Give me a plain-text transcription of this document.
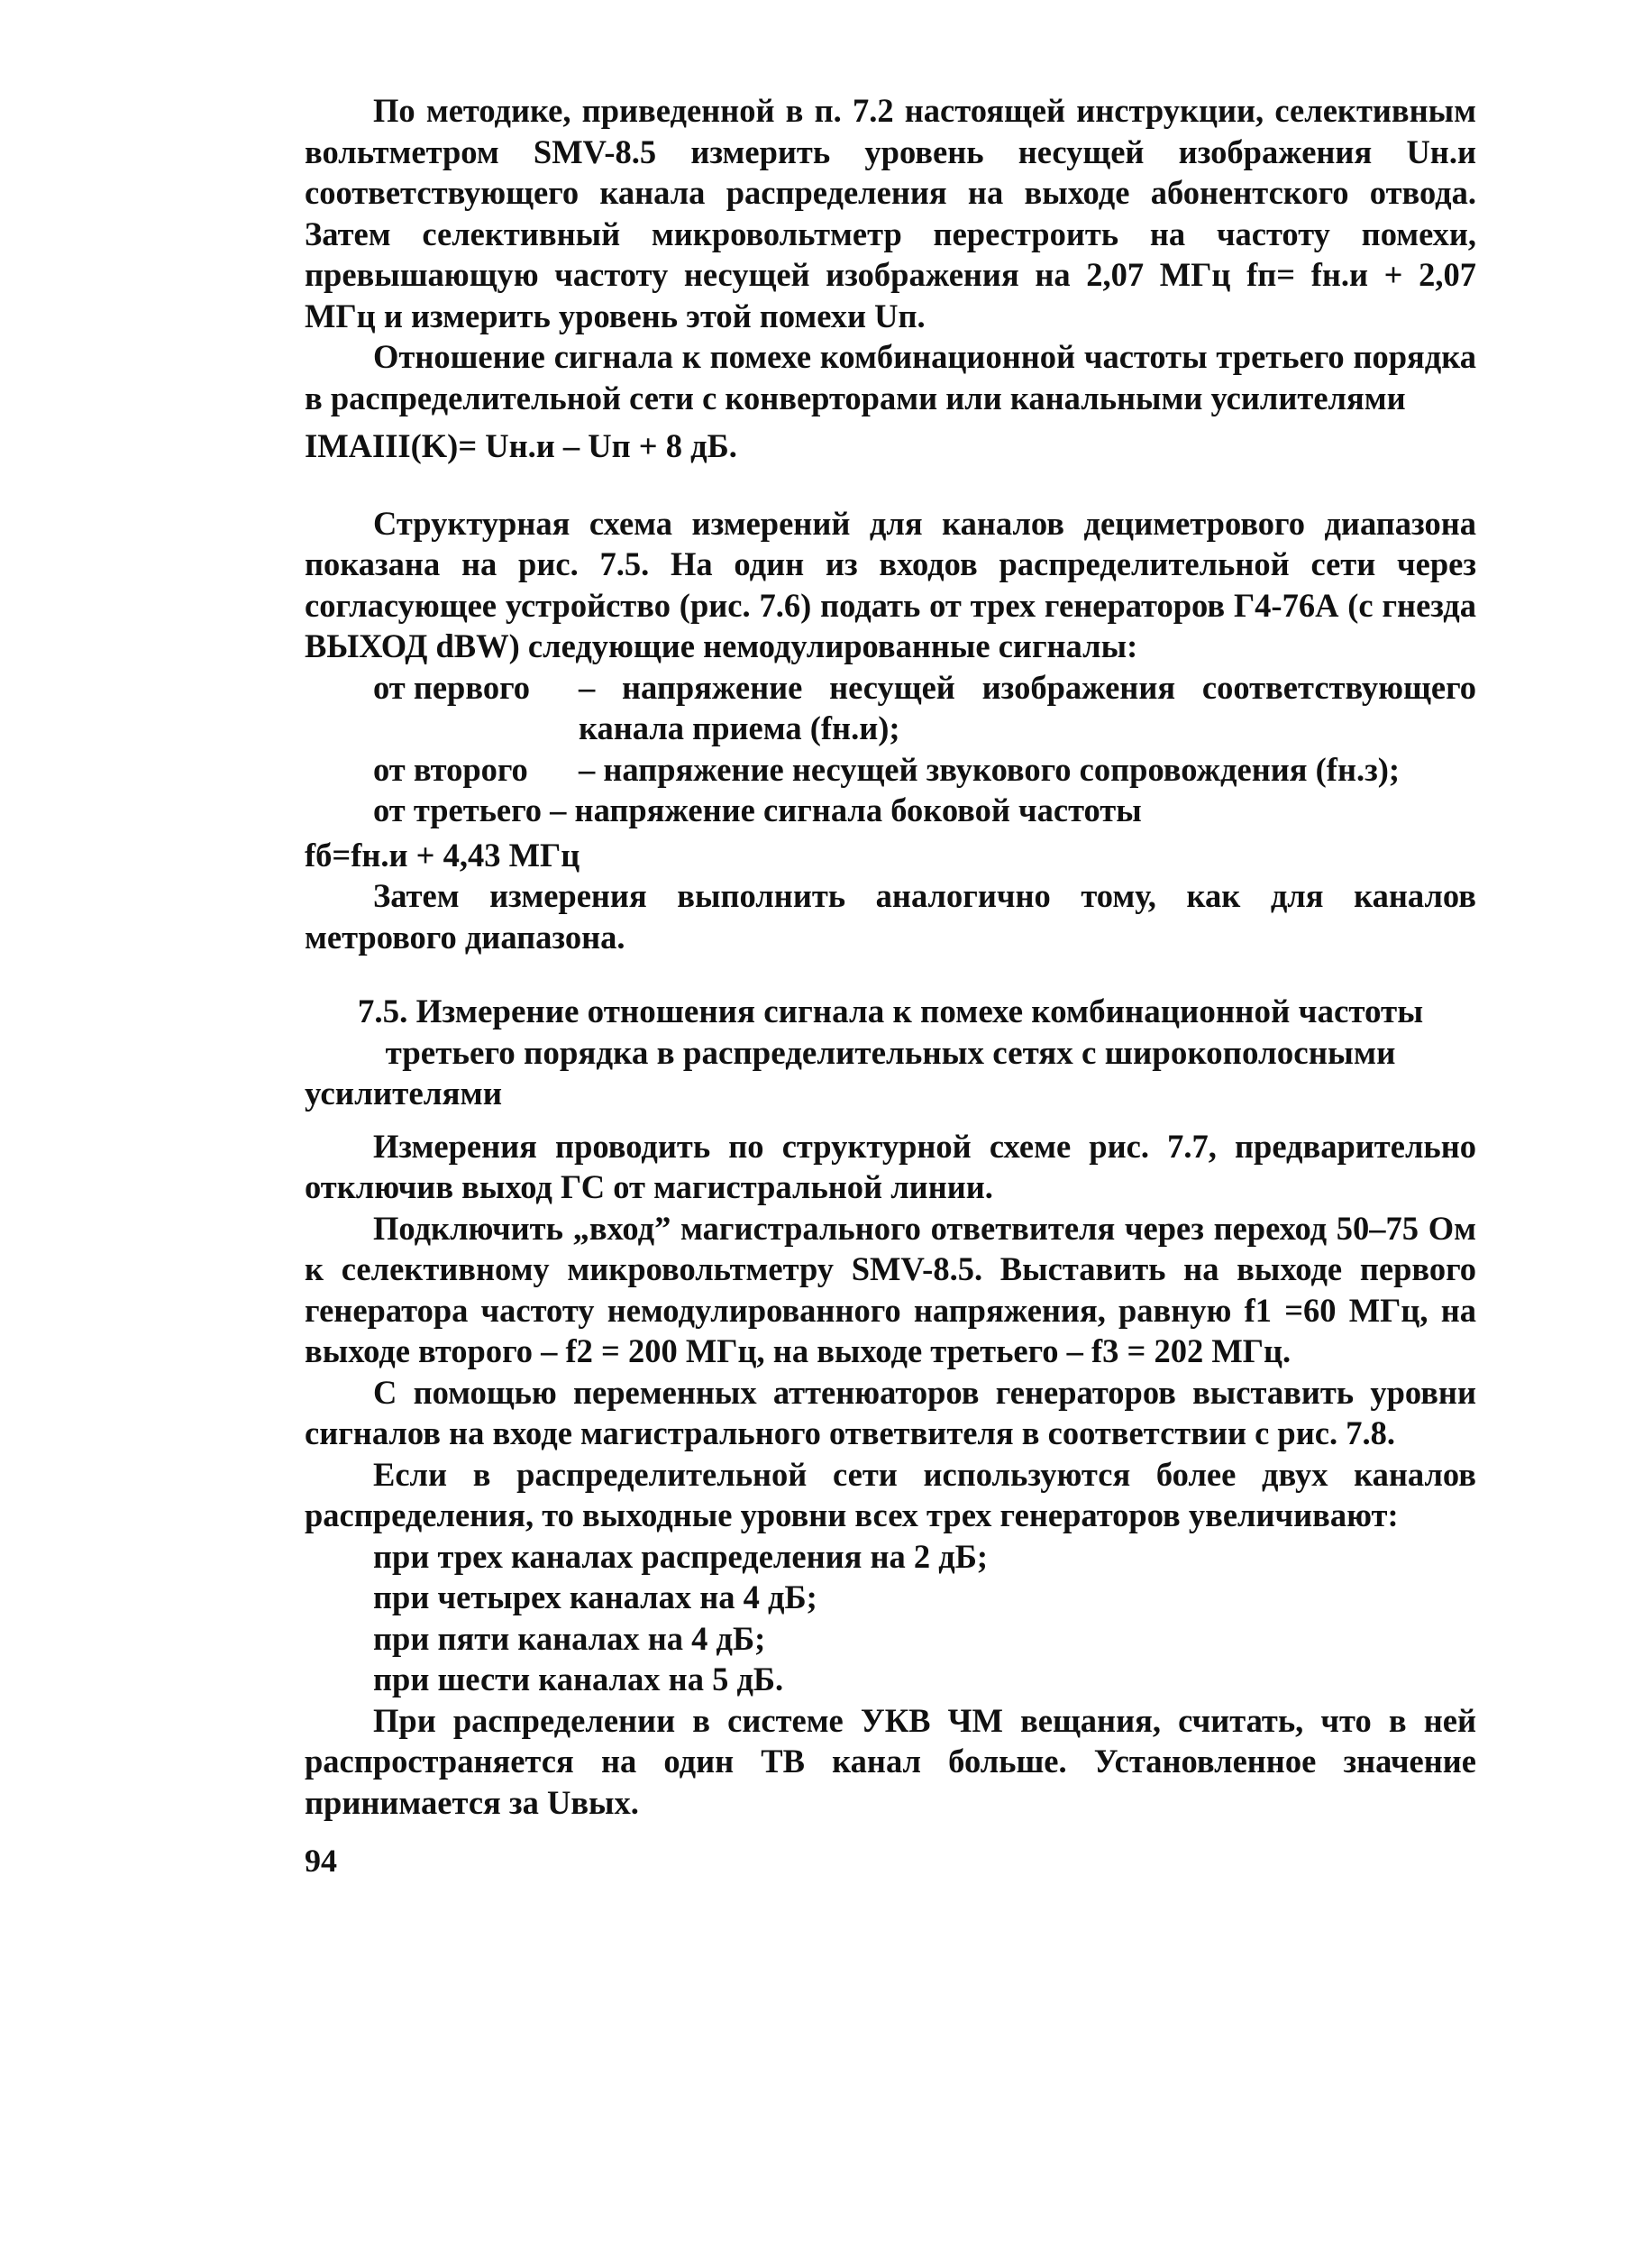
По методике, приведенной в п. 7.2 настоящей инструкции, селективным вольтметром SMV-8.5 измерить уровень несущей изображения Uн.и соответствующего канала распределения на выходе абонентского отвода. Затем селективный микровольтметр перестроить на частоту помехи, превышающую частоту несущей изображения на 2,07 МГц fп= fн.и + 2,07 МГц и измерить уровень этой помехи Uп.

Отношение сигнала к помехе комбинационной частоты третьего порядка в распределительной сети с конверторами или канальными усилителями

IMAIII(K)= Uн.и – Uп + 8 дБ.

Структурная схема измерений для каналов дециметрового диапазона показана на рис. 7.5. На один из входов распределительной сети через согласующее устройство (рис. 7.6) подать от трех генераторов Г4-76А (с гнезда ВЫХОД dBW) следующие немодулированные сигналы:

от первого	– напряжение несущей изображения соответствующего канала приема (fн.и);
от второго	– напряжение несущей звукового сопровождения (fн.з);

от третьего – напряжение сигнала боковой частоты

fб=fн.и + 4,43 МГц

Затем измерения выполнить аналогично тому, как для каналов метрового диапазона.

7.5. Измерение отношения сигнала к помехе комбинационной частоты третьего порядка в распределительных сетях с широкополосными усилителями

Измерения проводить по структурной схеме рис. 7.7, предварительно отключив выход ГС от магистральной линии.

Подключить „вход” магистрального ответвителя через переход 50–75 Ом к селективному микровольтметру SMV-8.5. Выставить на выходе первого генератора частоту немодулированного напряжения, равную f1 =60 МГц, на выходе второго – f2 = 200 МГц, на выходе третьего – f3 = 202 МГц.

С помощью переменных аттенюаторов генераторов выставить уровни сигналов на входе магистрального ответвителя в соответствии с рис. 7.8.

Если в распределительной сети используются более двух каналов распределения, то выходные уровни всех трех генераторов увеличивают:

при трех каналах распределения на 2 дБ;

при четырех каналах на 4 дБ;

при пяти каналах на 4 дБ;

при шести каналах на 5 дБ.

При распределении в системе УКВ ЧМ вещания, считать, что в ней распространяется на один ТВ канал больше. Установленное значение принимается за Uвых.

94
